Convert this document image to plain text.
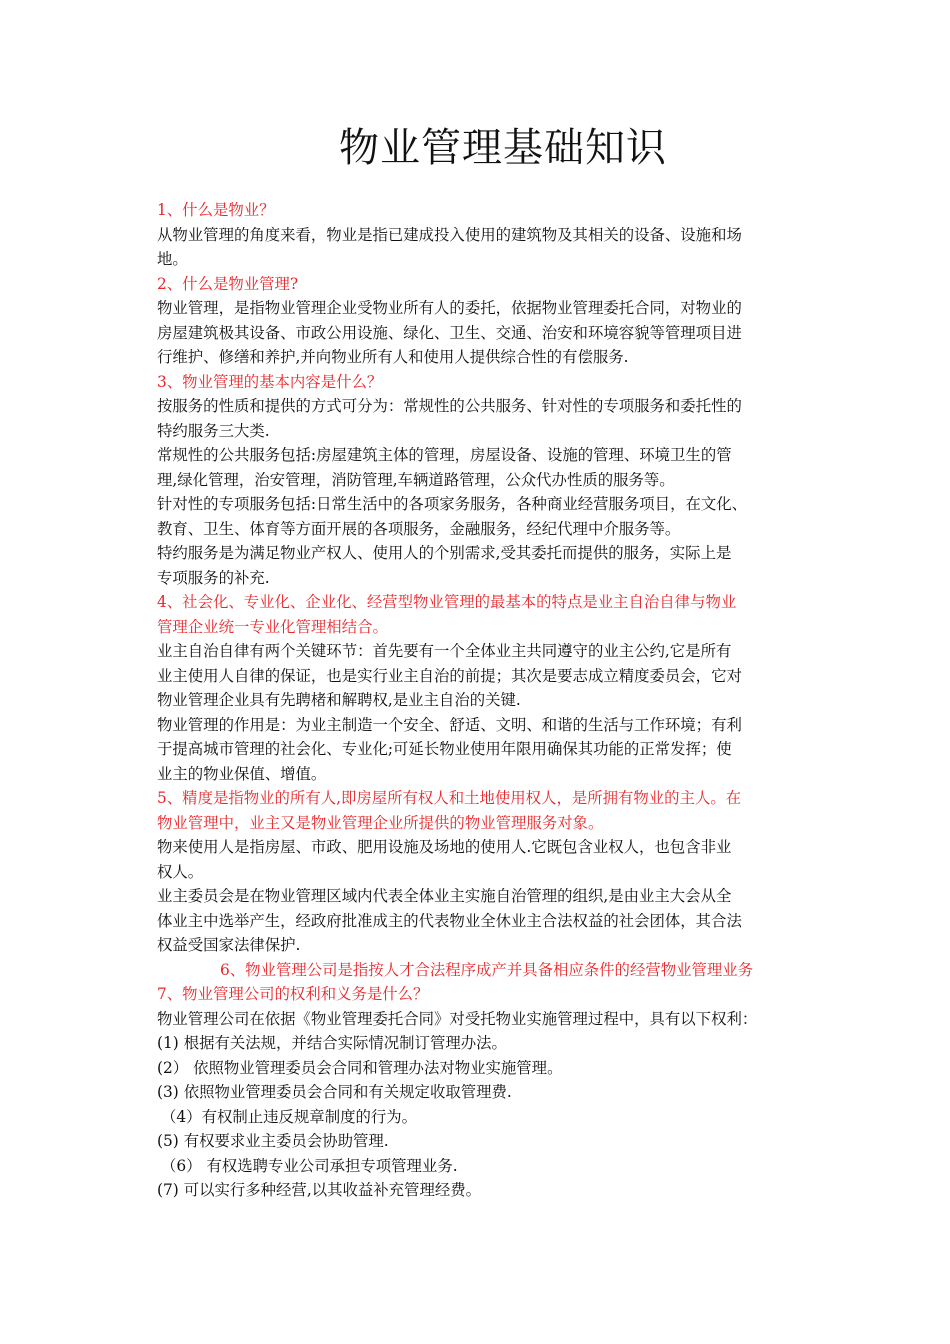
物业管理基础知识
1、什么是物业？
从物业管理的角度来看，物业是指已建成投入使用的建筑物及其相关的设备、设施和场
地。
2、什么是物业管理?
物业管理，是指物业管理企业受物业所有人的委托，依据物业管理委托合同，对物业的
房屋建筑极其设备、市政公用设施、绿化、卫生、交通、治安和环境容貌等管理项目进
行维护、修缮和养护,并向物业所有人和使用人提供综合性的有偿服务.
3、物业管理的基本内容是什么？
按服务的性质和提供的方式可分为：常规性的公共服务、针对性的专项服务和委托性的
特约服务三大类.
常规性的公共服务包括:房屋建筑主体的管理，房屋设备、设施的管理、环境卫生的管
理,绿化管理，治安管理，消防管理,车辆道路管理，公众代办性质的服务等。
针对性的专项服务包括:日常生活中的各项家务服务，各种商业经营服务项目，在文化、
教育、卫生、体育等方面开展的各项服务，金融服务，经纪代理中介服务等。
特约服务是为满足物业产权人、使用人的个别需求,受其委托而提供的服务，实际上是
专项服务的补充.
4、社会化、专业化、企业化、经营型物业管理的最基本的特点是业主自治自律与物业
管理企业统一专业化管理相结合。
业主自治自律有两个关键环节：首先要有一个全体业主共同遵守的业主公约,它是所有
业主使用人自律的保证，也是实行业主自治的前提；其次是要志成立精度委员会，它对
物业管理企业具有先聘楮和解聘权,是业主自治的关键.
物业管理的作用是：为业主制造一个安全、舒适、文明、和谐的生活与工作环境；有利
于提高城市管理的社会化、专业化;可延长物业使用年限用确保其功能的正常发挥；使
业主的物业保值、增值。
5、精度是指物业的所有人,即房屋所有权人和土地使用权人，是所拥有物业的主人。在
物业管理中，业主又是物业管理企业所提供的物业管理服务对象。
物来使用人是指房屋、市政、肥用设施及场地的使用人.它既包含业权人，也包含非业
权人。
业主委员会是在物业管理区域内代表全体业主实施自治管理的组织,是由业主大会从全
体业主中选举产生，经政府批准成主的代表物业全休业主合法权益的社会团体，其合法
权益受国家法律保护.
6、物业管理公司是指按人才合法程序成产并具备相应条件的经营物业管理业务
7、物业管理公司的权利和义务是什么？
物业管理公司在依据《物业管理委托合同》对受托物业实施管理过程中，具有以下权利：
(1) 根据有关法规，并结合实际情况制订管理办法。
(2） 依照物业管理委员会合同和管理办法对物业实施管理。
(3) 依照物业管理委员会合同和有关规定收取管理费.
（4）有权制止违反规章制度的行为。
(5) 有权要求业主委员会协助管理.
（6） 有权选聘专业公司承担专项管理业务.
(7) 可以实行多种经营,以其收益补充管理经费。
